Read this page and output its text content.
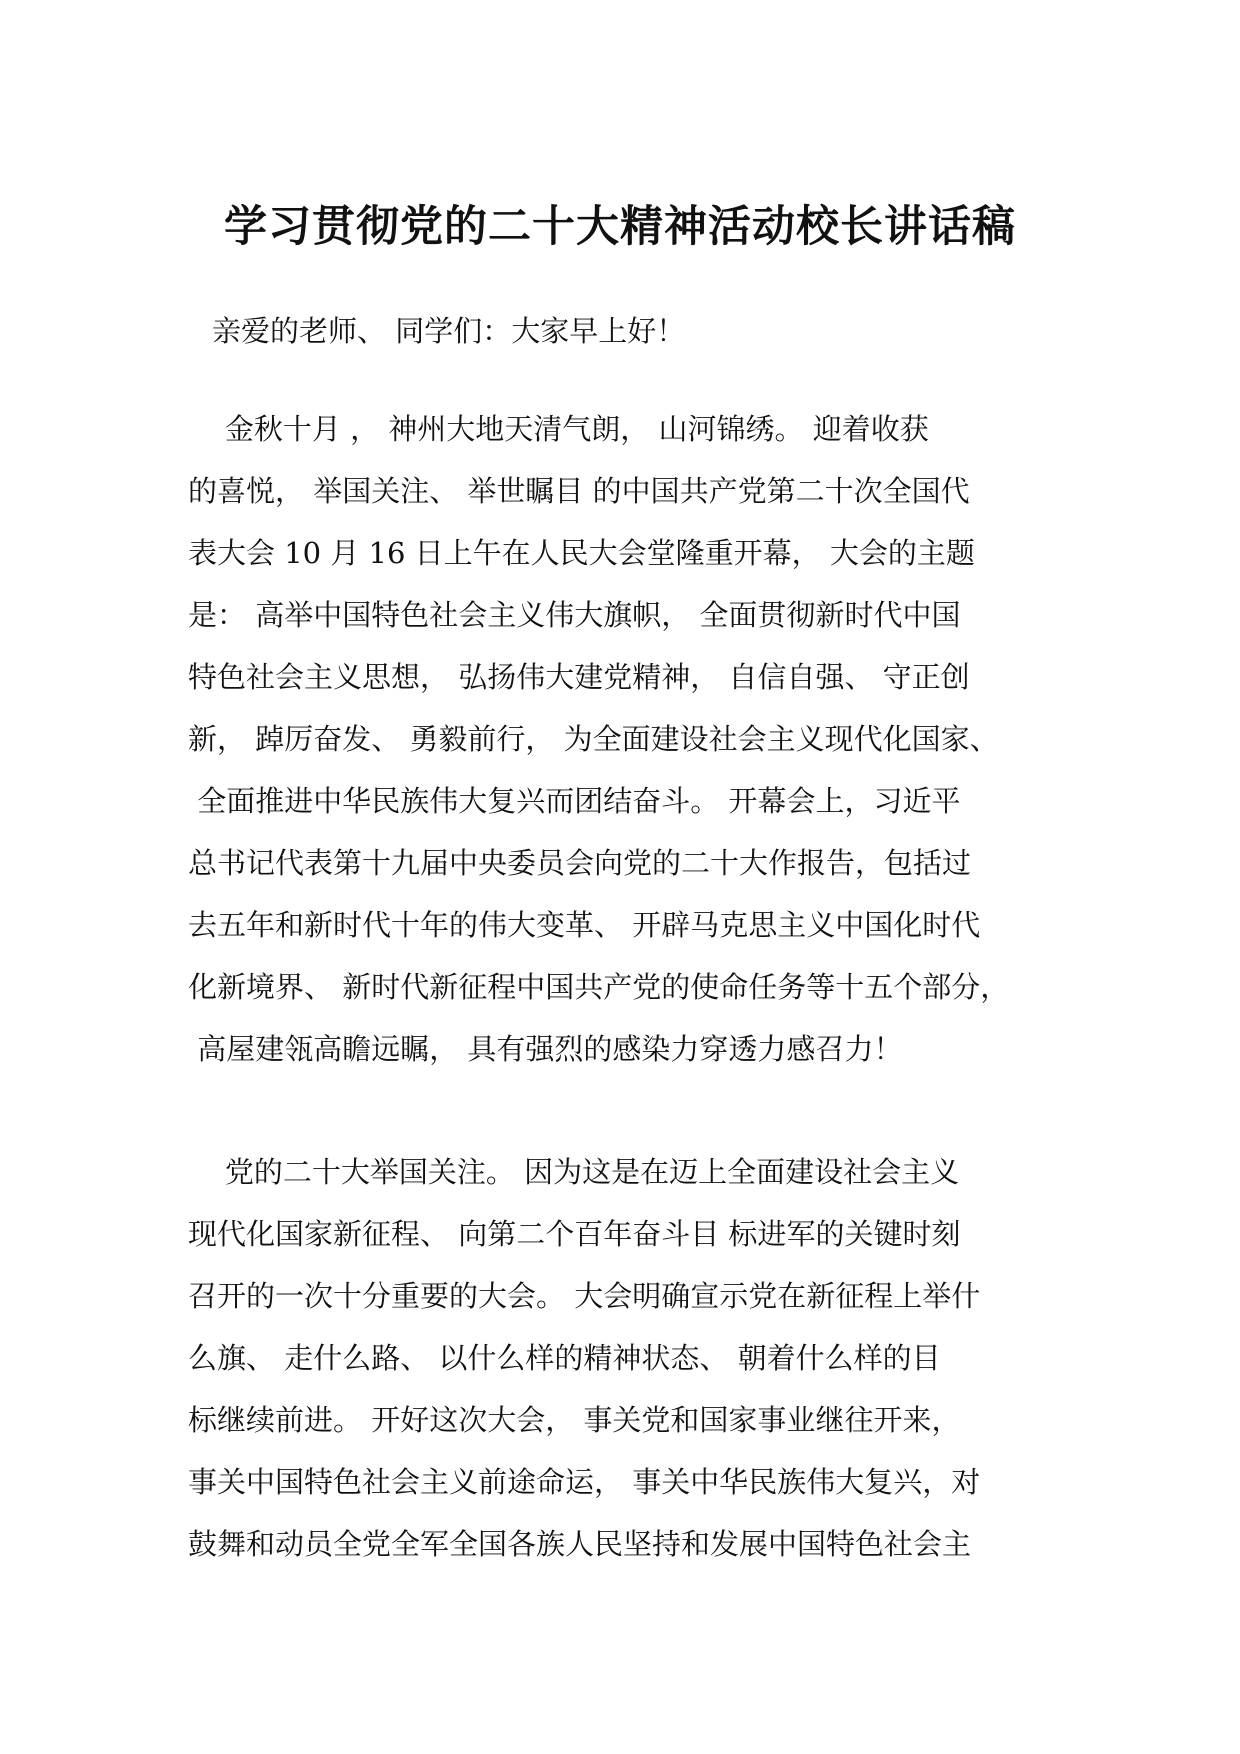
学习贯彻党的二十大精神活动校长讲话稿
亲爱的老师、 同学们：大家早上好！
金秋十月 ， 神州大地天清气朗， 山河锦绣。 迎着收获
的喜悦， 举国关注、 举世瞩目 的中国共产党第二十次全国代
表大会 10 月 16 日上午在人民大会堂隆重开幕， 大会的主题
是： 高举中国特色社会主义伟大旗帜， 全面贯彻新时代中国
特色社会主义思想， 弘扬伟大建党精神， 自信自强、 守正创
新， 踔厉奋发、 勇毅前行， 为全面建设社会主义现代化国家、
全面推进中华民族伟大复兴而团结奋斗。 开幕会上，习近平
总书记代表第十九届中央委员会向党的二十大作报告，包括过
去五年和新时代十年的伟大变革、 开辟马克思主义中国化时代
化新境界、 新时代新征程中国共产党的使命任务等十五个部分，
高屋建瓴高瞻远瞩， 具有强烈的感染力穿透力感召力！
党的二十大举国关注。 因为这是在迈上全面建设社会主义
现代化国家新征程、 向第二个百年奋斗目 标进军的关键时刻
召开的一次十分重要的大会。 大会明确宣示党在新征程上举什
么旗、 走什么路、 以什么样的精神状态、 朝着什么样的目
标继续前进。 开好这次大会， 事关党和国家事业继往开来，
事关中国特色社会主义前途命运， 事关中华民族伟大复兴，对
鼓舞和动员全党全军全国各族人民坚持和发展中国特色社会主
